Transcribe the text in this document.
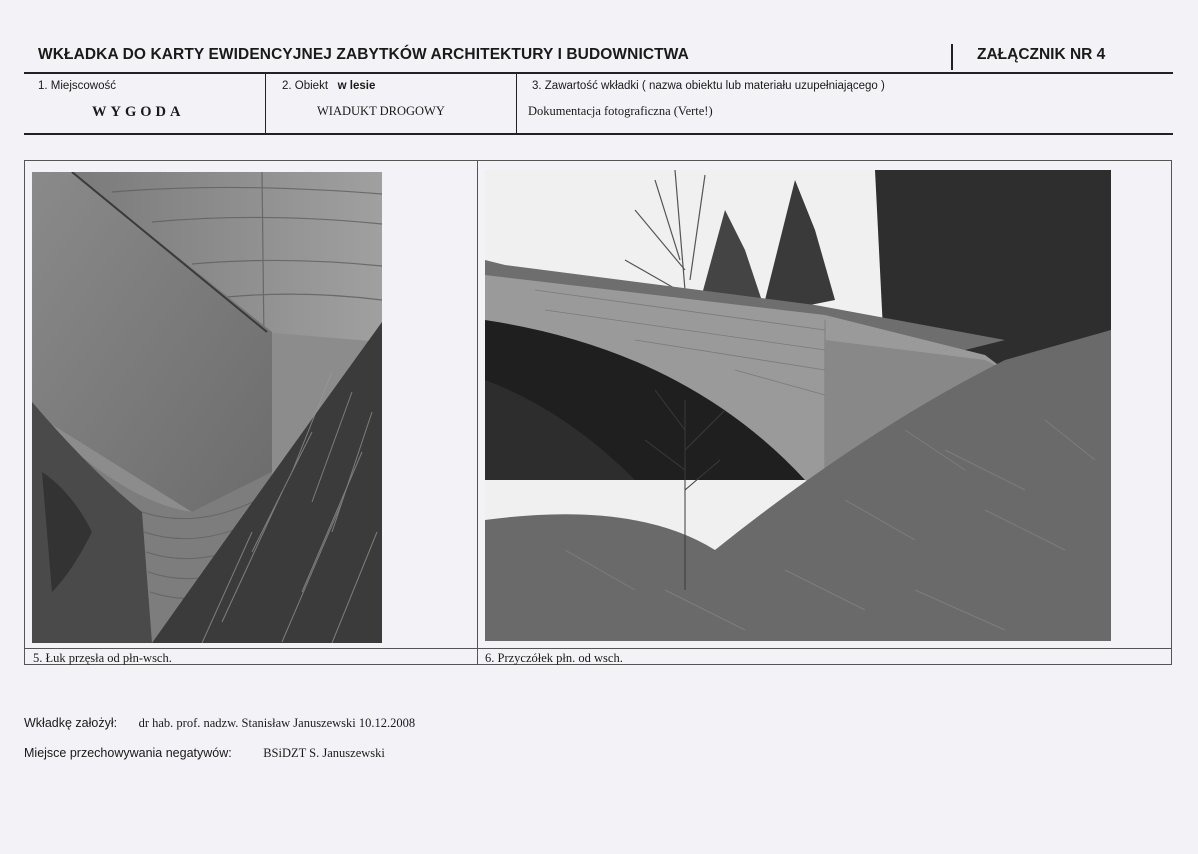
WKŁADKA DO KARTY EWIDENCYJNEJ ZABYTKÓW ARCHITEKTURY I BUDOWNICTWA	ZAŁĄCZNIK NR 4
1. Miejscowość
WYGODA
2. Obiekt w lesie
WIADUKT DROGOWY
3. Zawartość wkładki ( nazwa obiektu lub materiału uzupełniającego )
Dokumentacja fotograficzna (Verte!)
5. Łuk przęsła od płn-wsch.	6. Przyczółek płn. od wsch.
Wkładkę założył: dr hab. prof. nadzw. Stanisław Januszewski 10.12.2008
Miejsce przechowywania negatywów:	BSiDZT S. Januszewski
